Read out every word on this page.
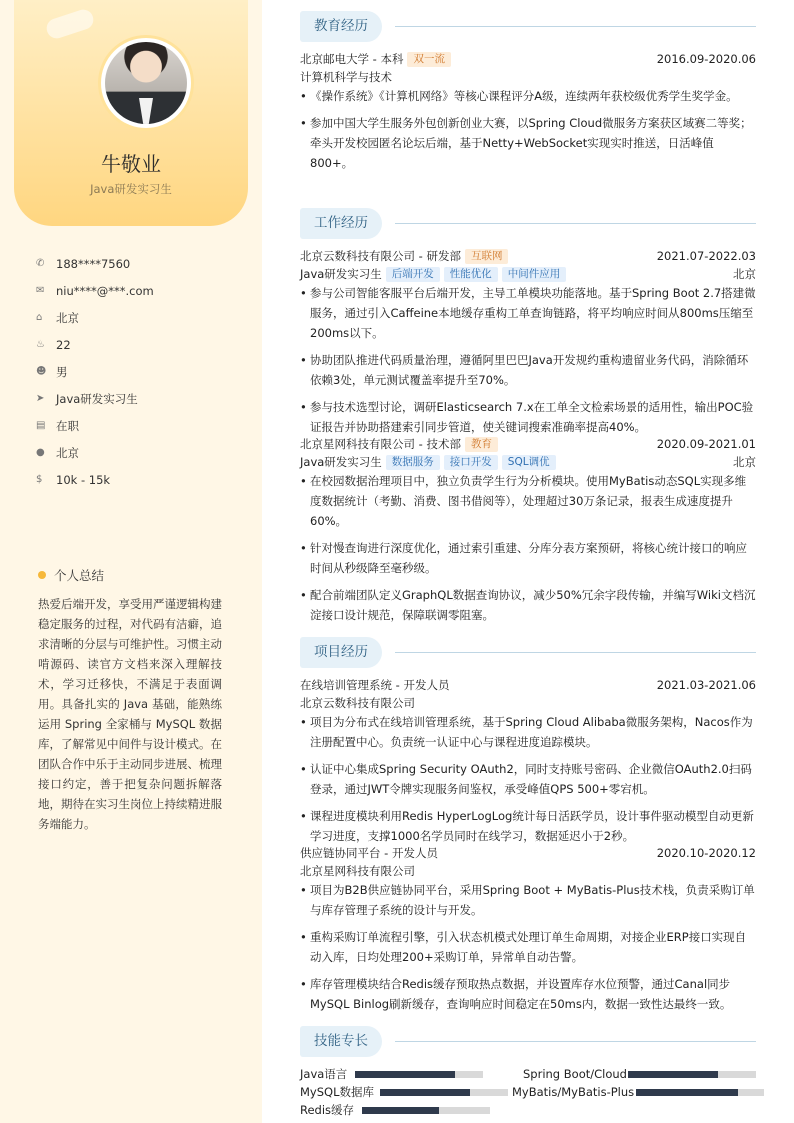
牛敬业
Java研发实习生
✆	188****7560
✉	niu****@***.com
⌂	北京
♨ 22
☻ 男
➤	Java研发实习生
▤ 在职
● 北京
$	10k - 15k
个人总结
热爱后端开发，享受用严谨逻辑构建稳定服务的过程，对代码有洁癖，追求清晰的分层与可维护性。习惯主动啃源码、读官方文档来深入理解技术，学习迁移快，不满足于表面调用。具备扎实的 Java 基础，能熟练运用 Spring 全家桶与 MySQL 数据库，了解常见中间件与设计模式。在团队合作中乐于主动同步进展、梳理接口约定，善于把复杂问题拆解落地，期待在实习生岗位上持续精进服务端能力。
教育经历
北京邮电大学 - 本科 双一流	2016.09-2020.06
计算机科学与技术
• 《操作系统》《计算机网络》等核心课程评分A级，连续两年获校级优秀学生奖学金。
• 参加中国大学生服务外包创新创业大赛，以Spring Cloud微服务方案获区域赛二等奖；牵头开发校园匿名论坛后端，基于Netty+WebSocket实现实时推送，日活峰值800+。
工作经历
北京云数科技有限公司 - 研发部 互联网	2021.07-2022.03
Java研发实习生 后端开发 性能优化 中间件应用	北京
• 参与公司智能客服平台后端开发，主导工单模块功能落地。基于Spring Boot 2.7搭建微服务，通过引入Caffeine本地缓存重构工单查询链路，将平均响应时间从800ms压缩至200ms以下。
• 协助团队推进代码质量治理，遵循阿里巴巴Java开发规约重构遗留业务代码，消除循环依赖3处，单元测试覆盖率提升至70%。
• 参与技术选型讨论，调研Elasticsearch 7.x在工单全文检索场景的适用性，输出POC验证报告并协助搭建索引同步管道，使关键词搜索准确率提高40%。
北京星网科技有限公司 - 技术部 教育	2020.09-2021.01
Java研发实习生 数据服务 接口开发 SQL调优	北京
• 在校园数据治理项目中，独立负责学生行为分析模块。使用MyBatis动态SQL实现多维度数据统计（考勤、消费、图书借阅等），处理超过30万条记录，报表生成速度提升60%。
• 针对慢查询进行深度优化，通过索引重建、分库分表方案预研，将核心统计接口的响应时间从秒级降至毫秒级。
• 配合前端团队定义GraphQL数据查询协议，减少50%冗余字段传输，并编写Wiki文档沉淀接口设计规范，保障联调零阻塞。
项目经历
在线培训管理系统 - 开发人员	2021.03-2021.06
北京云数科技有限公司
• 项目为分布式在线培训管理系统，基于Spring Cloud Alibaba微服务架构，Nacos作为注册配置中心。负责统一认证中心与课程进度追踪模块。
• 认证中心集成Spring Security OAuth2，同时支持账号密码、企业微信OAuth2.0扫码登录，通过JWT令牌实现服务间鉴权，承受峰值QPS 500+零宕机。
• 课程进度模块利用Redis HyperLogLog统计每日活跃学员，设计事件驱动模型自动更新学习进度，支撑1000名学员同时在线学习，数据延迟小于2秒。
供应链协同平台 - 开发人员	2020.10-2020.12
北京星网科技有限公司
• 项目为B2B供应链协同平台，采用Spring Boot + MyBatis-Plus技术栈，负责采购订单与库存管理子系统的设计与开发。
• 重构采购订单流程引擎，引入状态机模式处理订单生命周期，对接企业ERP接口实现自动入库，日均处理200+采购订单，异常单自动告警。
• 库存管理模块结合Redis缓存预取热点数据，并设置库存水位预警，通过Canal同步MySQL Binlog刷新缓存，查询响应时间稳定在50ms内，数据一致性达最终一致。
技能专长
Java语言	Spring Boot/Cloud
MySQL数据库	MyBatis/MyBatis-Plus
Redis缓存
